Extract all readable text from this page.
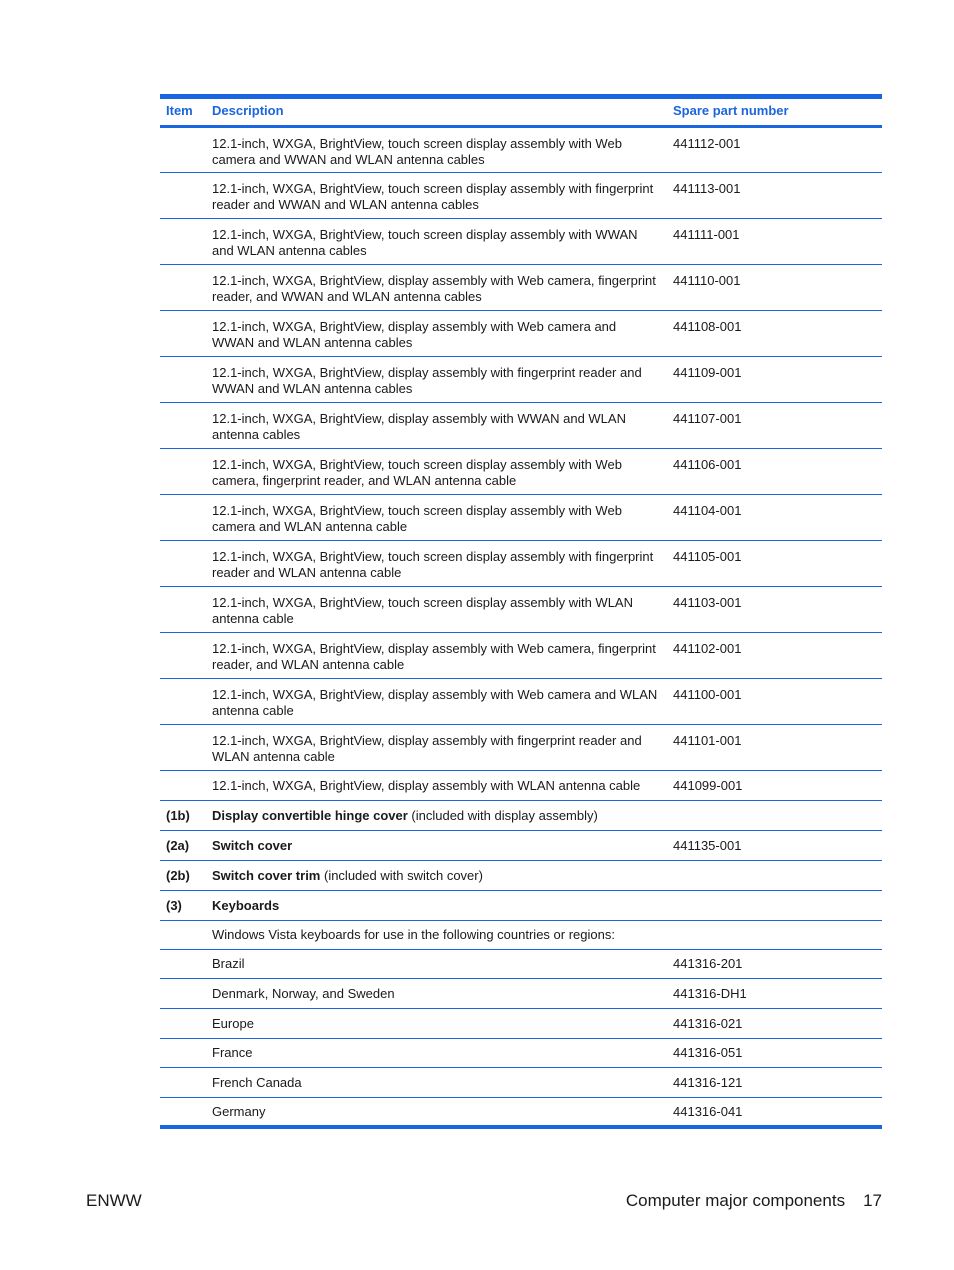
Item	Description	Spare part number
	12.1-inch, WXGA, BrightView, touch screen display assembly with Web camera and WWAN and WLAN antenna cables	441112-001
	12.1-inch, WXGA, BrightView, touch screen display assembly with fingerprint reader and WWAN and WLAN antenna cables	441113-001
	12.1-inch, WXGA, BrightView, touch screen display assembly with WWAN and WLAN antenna cables	441111-001
	12.1-inch, WXGA, BrightView, display assembly with Web camera, fingerprint reader, and WWAN and WLAN antenna cables	441110-001
	12.1-inch, WXGA, BrightView, display assembly with Web camera and WWAN and WLAN antenna cables	441108-001
	12.1-inch, WXGA, BrightView, display assembly with fingerprint reader and WWAN and WLAN antenna cables	441109-001
	12.1-inch, WXGA, BrightView, display assembly with WWAN and WLAN antenna cables	441107-001
	12.1-inch, WXGA, BrightView, touch screen display assembly with Web camera, fingerprint reader, and WLAN antenna cable	441106-001
	12.1-inch, WXGA, BrightView, touch screen display assembly with Web camera and WLAN antenna cable	441104-001
	12.1-inch, WXGA, BrightView, touch screen display assembly with fingerprint reader and WLAN antenna cable	441105-001
	12.1-inch, WXGA, BrightView, touch screen display assembly with WLAN antenna cable	441103-001
	12.1-inch, WXGA, BrightView, display assembly with Web camera, fingerprint reader, and WLAN antenna cable	441102-001
	12.1-inch, WXGA, BrightView, display assembly with Web camera and WLAN antenna cable	441100-001
	12.1-inch, WXGA, BrightView, display assembly with fingerprint reader and WLAN antenna cable	441101-001
	12.1-inch, WXGA, BrightView, display assembly with WLAN antenna cable	441099-001
(1b)	Display convertible hinge cover (included with display assembly)	
(2a)	Switch cover	441135-001
(2b)	Switch cover trim (included with switch cover)	
(3)	Keyboards	
	Windows Vista keyboards for use in the following countries or regions:	
	Brazil	441316-201
	Denmark, Norway, and Sweden	441316-DH1
	Europe	441316-021
	France	441316-051
	French Canada	441316-121
	Germany	441316-041
ENWW	Computer major components 17
